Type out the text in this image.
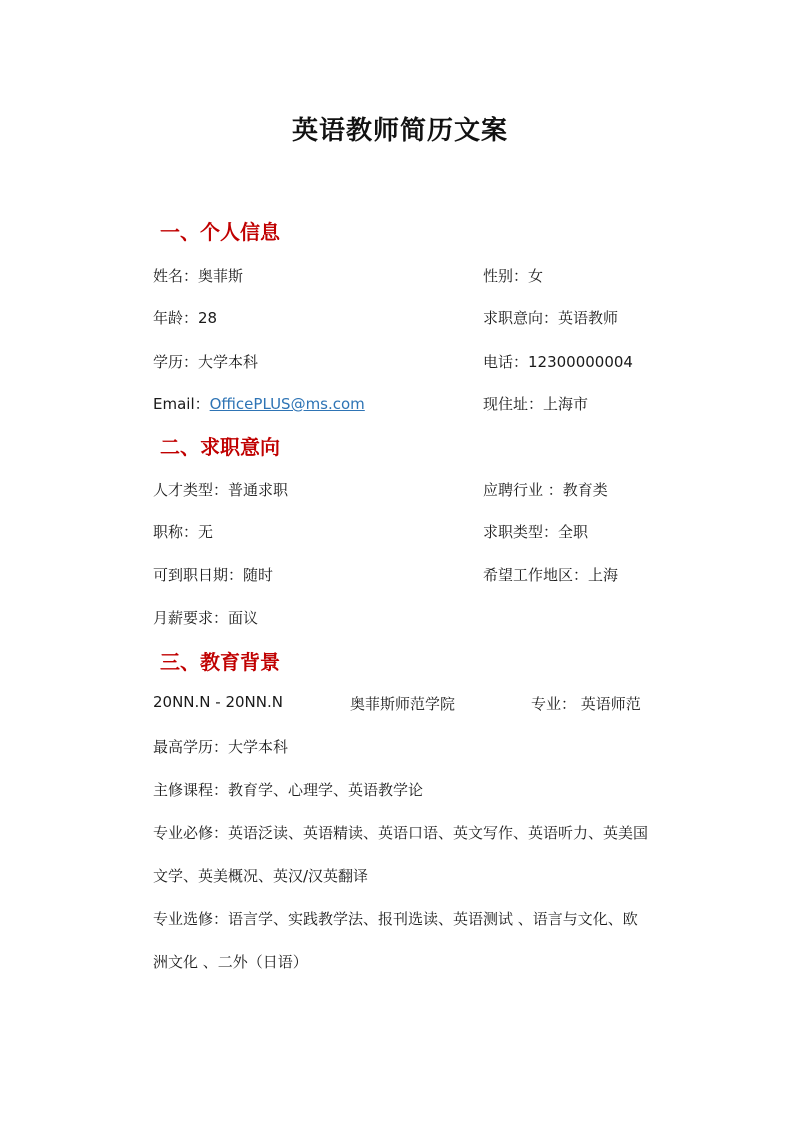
英语教师简历文案
一、个人信息
姓名：奥菲斯	性别：女
年龄：28	求职意向：英语教师
学历：大学本科	电话：12300000004
Email：OfficePLUS@ms.com	现住址：上海市
二、求职意向
人才类型：普通求职	应聘行业 ：教育类
职称：无	求职类型：全职
可到职日期：随时	希望工作地区：上海
月薪要求：面议
三、教育背景
20NN.N - 20NN.N	奥菲斯师范学院	专业： 英语师范
最高学历：大学本科
主修课程：教育学、心理学、英语教学论
专业必修：英语泛读、英语精读、英语口语、英文写作、英语听力、英美国
文学、英美概况、英汉/汉英翻译
专业选修：语言学、实践教学法、报刊选读、英语测试 、语言与文化、欧
洲文化 、二外（日语）
